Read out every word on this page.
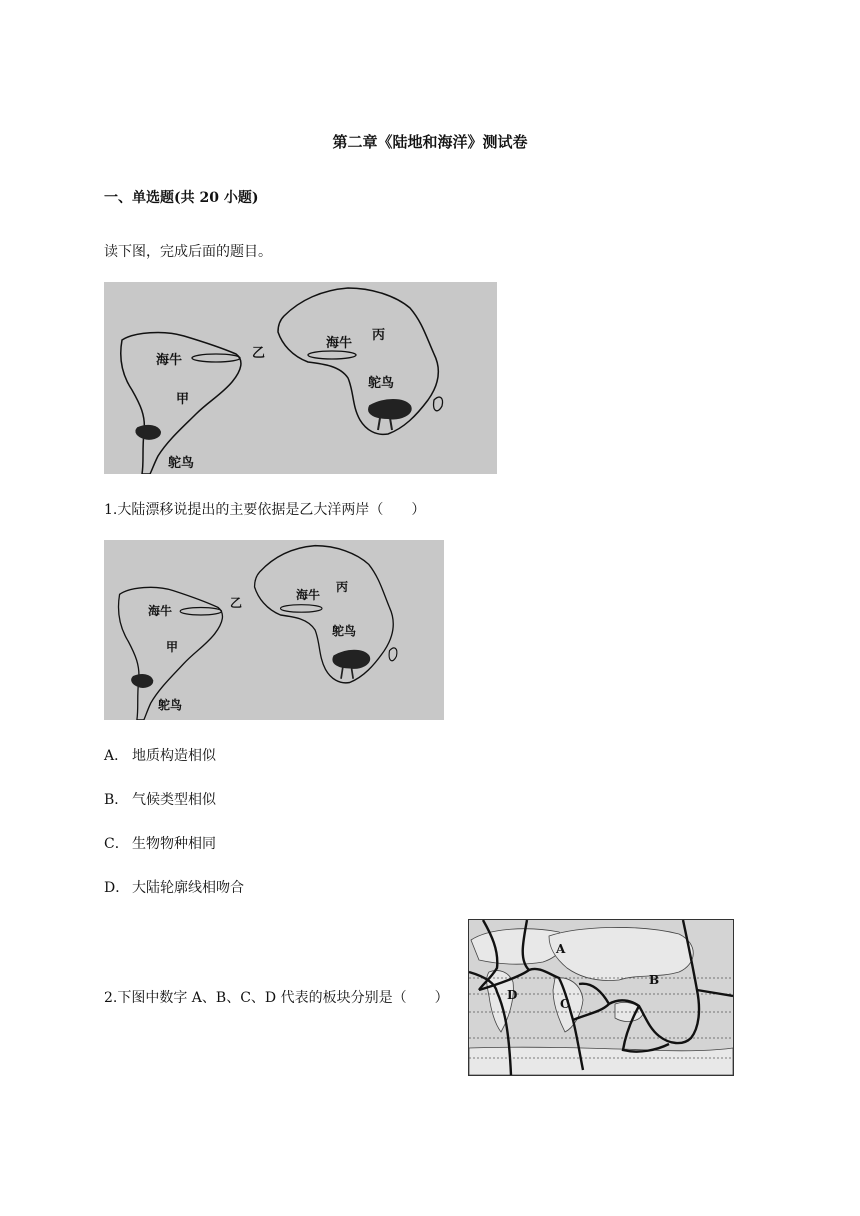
第二章《陆地和海洋》测试卷
一、单选题(共 20 小题)
读下图，完成后面的题目。
海牛
甲
乙
海牛
丙
鸵鸟
鸵鸟
1.大陆漂移说提出的主要依据是乙大洋两岸（　　）
海牛
甲
乙
海牛
丙
鸵鸟
鸵鸟
A． 地质构造相似
B． 气候类型相似
C． 生物物种相同
D． 大陆轮廓线相吻合
2.下图中数字 A、B、C、D 代表的板块分别是（　　）
A
B
C
D
